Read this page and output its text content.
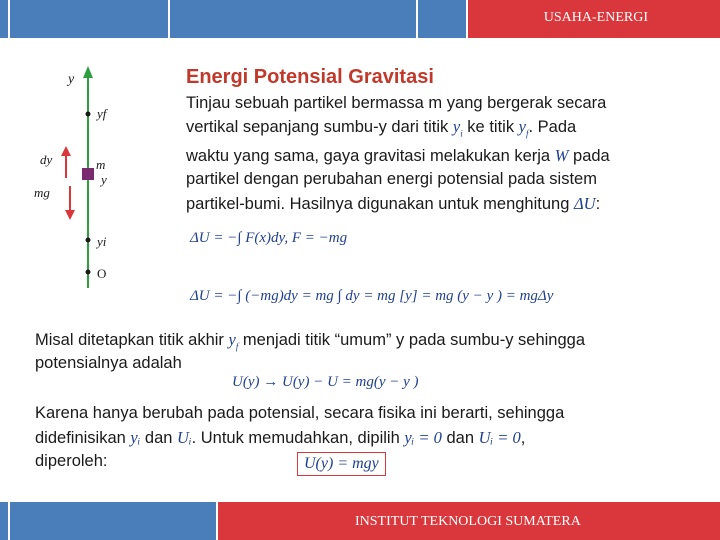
USAHA-ENERGI
y
yf
dy	m
y
mg
yi
O
Energi Potensial Gravitasi
Tinjau sebuah partikel bermassa m yang bergerak secara
vertikal sepanjang sumbu-y dari titik $y_i$ ke titik $y_f$. Pada
waktu yang sama, gaya gravitasi melakukan kerja W pada
partikel dengan perubahan energi potensial pada sistem
partikel-bumi. Hasilnya digunakan untuk menghitung ΔU:
ΔU = −∫ F(x)dy, F = −mg
ΔU = −∫ (−mg)dy = mg ∫ dy = mg [y] = mg (y − y ) = mgΔy
Misal ditetapkan titik akhir $y_f$ menjadi titik “umum” y pada sumbu-y sehingga
potensialnya adalah
U(y) → U(y) − U = mg(y − y )
Karena hanya berubah pada potensial, secara fisika ini berarti, sehingga
didefinisikan yᵢ dan Uᵢ. Untuk memudahkan, dipilih yᵢ = 0 dan Uᵢ = 0,
diperoleh:	U(y) = mgy
INSTITUT TEKNOLOGI SUMATERA
